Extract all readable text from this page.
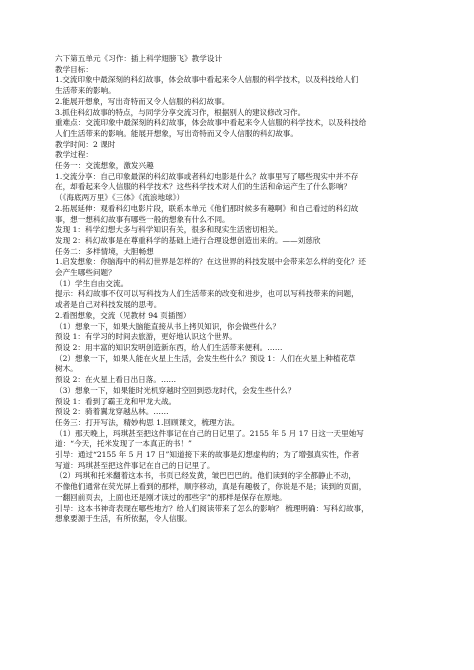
六下第五单元《习作：插上科学翅膀飞》教学设计
教学目标：
1.交流印象中最深刻的科幻故事，体会故事中看起来令人信服的科学技术，以及科技给人们
生活带来的影响。
2.能展开想象，写出奇特而又令人信服的科幻故事。
3.抓住科幻故事的特点，与同学分享交流习作，根据别人的建议修改习作。
重难点：交流印象中最深刻的科幻故事，体会故事中看起来令人信服的科学技术，以及科技给
人们生活带来的影响。能展开想象，写出奇特而又令人信服的科幻故事。
教学时间：2 课时
教学过程：
任务一：交流想象，激发兴趣
1.交流分享：自己印象最深的科幻故事或者科幻电影是什么？故事里写了哪些现实中并不存
在，却看起来令人信服的科学技术？这些科学技术对人们的生活和命运产生了什么影响？
（《海底两万里》《三体》《流浪地球》）
2.拓展延伸：观看科幻电影片段，联系本单元《他们那时候多有趣啊》和自己看过的科幻故
事，想一想科幻故事有哪些一般的想象有什么不同。
发现 1：科学幻想大多与科学知识有关，很多和现实生活密切相关。
发现 2：科幻故事是在尊重科学的基础上进行合理设想创造出来的。——刘慈欣
任务二：多样情境，大胆畅想
1.启发想象：你脑海中的科幻世界是怎样的？在这世界的科技发展中会带来怎么样的变化？还
会产生哪些问题？
（1）学生自由交流。
提示：科幻故事不仅可以写科技为人们生活带来的改变和进步，也可以写科技带来的问题，
或者是自己对科技发展的思考。
2.看图想象，交流（见教材 94 页插图）
（1）想象一下，如果大脑能直接从书上拷贝知识，你会做些什么？
预设 1：有学习的时间去旅游，更好地认识这个世界。
预设 2：用丰富的知识发明创造新东西，给人们生活带来便利。……
（2）想象一下，如果人能在火星上生活，会发生些什么？预设 1：人们在火星上种植花草
树木。
预设 2：在火星上看日出日落。……
（3）想象一下，如果能时光机穿越时空回到恐龙时代，会发生些什么？
预设 1：看到了霸王龙和甲龙大战。
预设 2：骑着翼龙穿越丛林。……
任务三：打开写法，精妙构思 1.回顾课文，梳理方法。
（1）那天晚上，玛琪甚至把这件事记在自己的日记里了。2155 年 5 月 17 日这一天里她写
道：“今天，托米发现了一本真正的书！”
引导：通过“2155 年 5 月 17 日”知道接下来的故事是幻想虚构的；为了增强真实性，作者
写道：玛琪甚至把这件事记在自己的日记里了。
（2）玛琪和托米翻着这本书，书页已经发黄，皱巴巴巴的。他们读到的字全都静止不动，
不像他们通常在荧光屏上看到的那样，顺序移动，真是有趣极了，你说是不是；读到的页面，
一翻回前页去，上面也还是刚才读过的那些字”的那样是保存在原地。
引导：这本书神奇表现在哪些地方？给人们阅读带来了怎么的影响？ 梳理明确：写科幻故事，
想象要源于生活，有所依据，令人信服。
